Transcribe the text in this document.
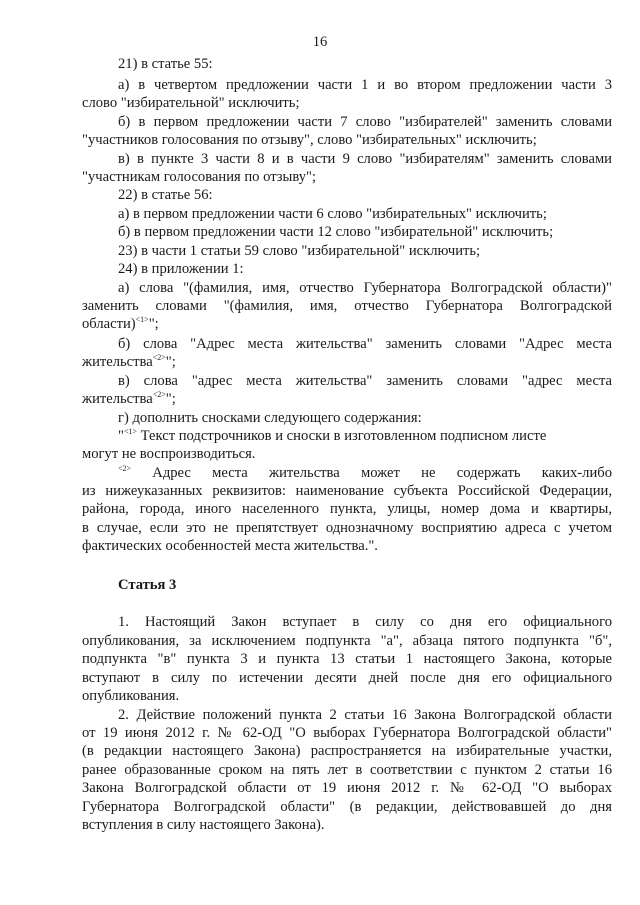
16
21) в статье 55:
а) в четвертом предложении части 1 и во втором предложении части 3
слово "избирательной" исключить;
б) в первом предложении части 7 слово "избирателей" заменить словами
"участников голосования по отзыву", слово "избирательных" исключить;
в) в пункте 3 части 8 и в части 9 слово "избирателям" заменить словами
"участникам голосования по отзыву";
22) в статье 56:
а) в первом предложении части 6 слово "избирательных" исключить;
б) в первом предложении части 12 слово "избирательной" исключить;
23) в части 1 статьи 59 слово "избирательной" исключить;
24) в приложении 1:
а) слова "(фамилия, имя, отчество Губернатора Волгоградской области)"
заменить словами "(фамилия, имя, отчество Губернатора Волгоградской
области)$^{<1>}$";
б) слова "Адрес места жительства" заменить словами "Адрес места
жительства$^{<2>}$";
в) слова "адрес места жительства" заменить словами "адрес места
жительства$^{<2>}$";
г) дополнить сносками следующего содержания:
"$^{<1>}$ Текст подстрочников и сноски в изготовленном подписном листе
могут не воспроизводиться.
$^{<2>}$ Адрес места жительства может не содержать каких-либо
из нижеуказанных реквизитов: наименование субъекта Российской Федерации,
района, города, иного населенного пункта, улицы, номер дома и квартиры,
в случае, если это не препятствует однозначному восприятию адреса с учетом
фактических особенностей места жительства.".
Статья 3
1. Настоящий Закон вступает в силу со дня его официального
опубликования, за исключением подпункта "а", абзаца пятого подпункта "б",
подпункта "в" пункта 3 и пункта 13 статьи 1 настоящего Закона, которые
вступают в силу по истечении десяти дней после дня его официального
опубликования.
2. Действие положений пункта 2 статьи 16 Закона Волгоградской области
от 19 июня 2012 г. № 62-ОД "О выборах Губернатора Волгоградской области"
(в редакции настоящего Закона) распространяется на избирательные участки,
ранее образованные сроком на пять лет в соответствии с пунктом 2 статьи 16
Закона Волгоградской области от 19 июня 2012 г. № 62-ОД "О выборах
Губернатора Волгоградской области" (в редакции, действовавшей до дня
вступления в силу настоящего Закона).
